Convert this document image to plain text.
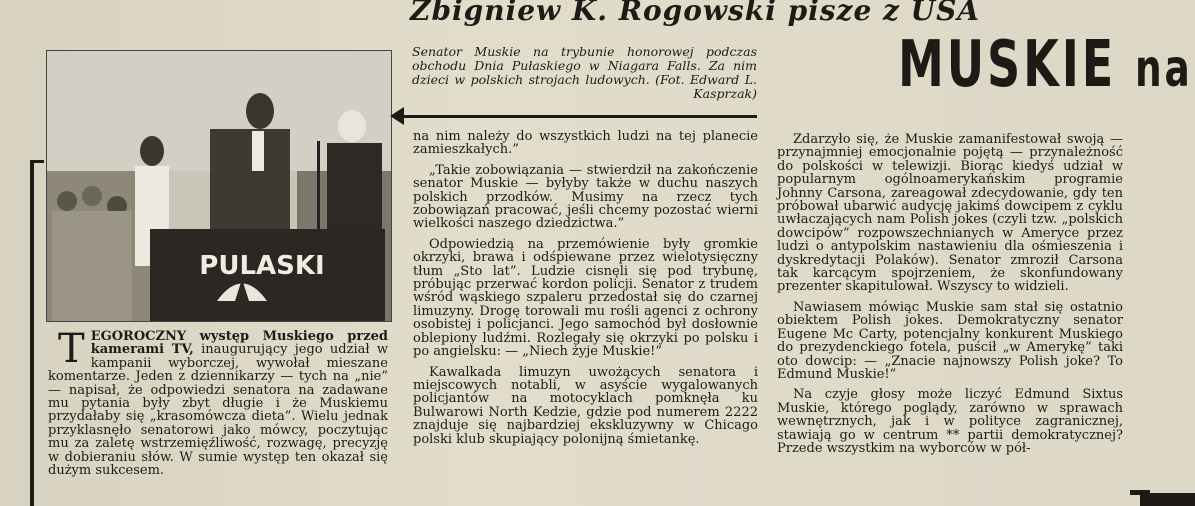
Zbigniew K. Rogowski pisze z USA
MUSKIE na
PULASKI
Senator Muskie na trybunie honorowej podczas obchodu Dnia Pułaskiego w Niagara Falls. Za nim dzieci w polskich strojach ludowych. (Fot. Edward L. Kasprzak)

TEGOROCZNY występ Muskiego przed kamerami TV, inaugurujący jego udział w kampanii wyborczej, wywołał mieszane komentarze. Jeden z dziennikarzy — tych na „nie” — napisał, że odpowiedzi senatora na zadawane mu pytania były zbyt długie i że Muskiemu przydałaby się „krasomówcza dieta”. Wielu jednak przyklasnęło senatorowi jako mówcy, poczytując mu za zaletę wstrzemięźliwość, rozwagę, precyzję w dobieraniu słów. W sumie występ ten okazał się dużym sukcesem.

na nim należy do wszystkich ludzi na tej planecie zamieszkałych.”

„Takie zobowiązania — stwierdził na zakończenie senator Muskie — byłyby także w duchu naszych polskich przodków. Musimy na rzecz tych zobowiązań pracować, jeśli chcemy pozostać wierni wielkości naszego dziedzictwa.”

Odpowiedzią na przemówienie były gromkie okrzyki, brawa i odśpiewane przez wielotysięczny tłum „Sto lat”. Ludzie cisnęli się pod trybunę, próbując przerwać kordon policji. Senator z trudem wśród wąskiego szpaleru przedostał się do czarnej limuzyny. Drogę torowali mu rośli agenci z ochrony osobistej i policjanci. Jego samochód był dosłownie oblepiony ludźmi. Rozlegały się okrzyki po polsku i po angielsku: — „Niech żyje Muskie!”

Kawalkada limuzyn uwożących senatora i miejscowych notabli, w asyście wygalowanych policjantów na motocyklach pomknęła ku Bulwarowi North Kedzie, gdzie pod numerem 2222 znajduje się najbardziej ekskluzywny w Chicago polski klub skupiający polonijną śmietankę.

Zdarzyło się, że Muskie zamanifestował swoją — przynajmniej emocjonalnie pojętą — przynależność do polskości w telewizji. Biorąc kiedyś udział w popularnym ogólnoamerykańskim programie Johnny Carsona, zareagował zdecydowanie, gdy ten próbował ubarwić audycję jakimś dowcipem z cyklu uwłaczających nam Polish jokes (czyli tzw. „polskich dowcipów” rozpowszechnianych w Ameryce przez ludzi o antypolskim nastawieniu dla ośmieszenia i dyskredytacji Polaków). Senator zmroził Carsona tak karcącym spojrzeniem, że skonfundowany prezenter skapitulował. Wszyscy to widzieli.

Nawiasem mówiąc Muskie sam stał się ostatnio obiektem Polish jokes. Demokratyczny senator Eugene Mc Carty, potencjalny konkurent Muskiego do prezydenckiego fotela, puścił „w Amerykę” taki oto dowcip: — „Znacie najnowszy Polish joke? To Edmund Muskie!”

Na czyje głosy może liczyć Edmund Sixtus Muskie, którego poglądy, zarówno w sprawach wewnętrznych, jak i w polityce zagranicznej, stawiają go w centrum ** partii demokratycznej? Przede wszystkim na wyborców w pół-
